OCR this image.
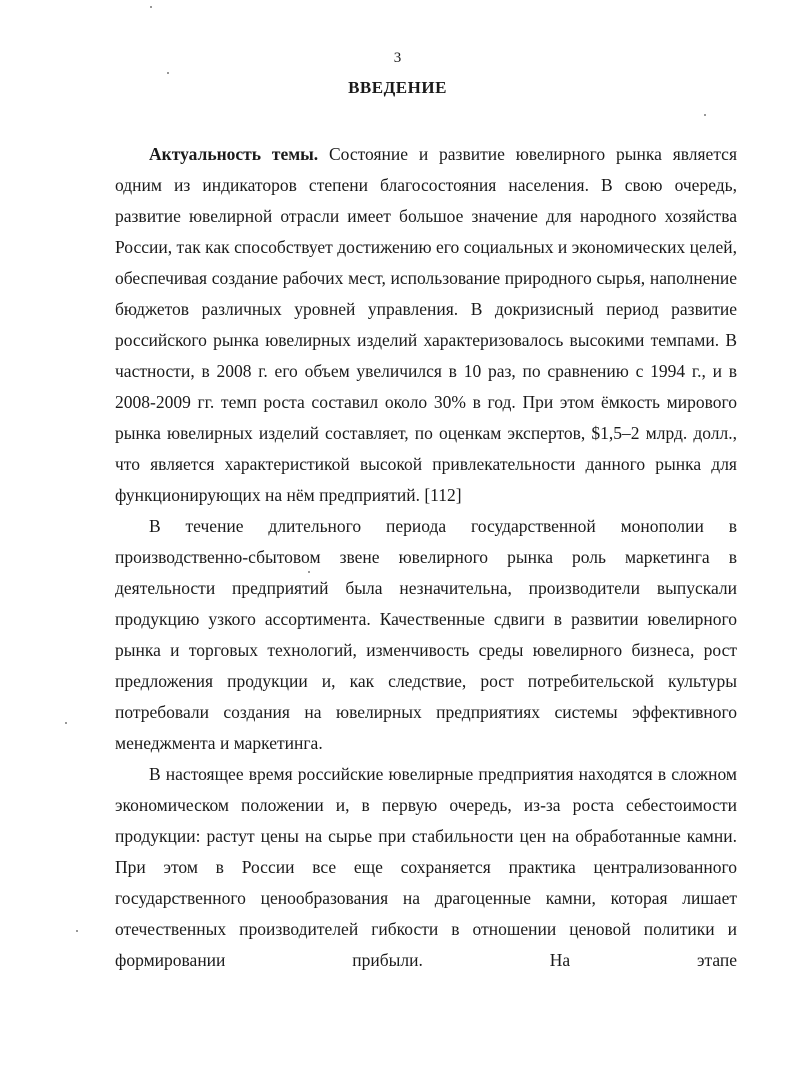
3
ВВЕДЕНИЕ

Актуальность темы. Состояние и развитие ювелирного рынка является одним из индикаторов степени благосостояния населения. В свою очередь, развитие ювелирной отрасли имеет большое значение для народного хозяйства России, так как способствует достижению его социальных и экономических целей, обеспечивая создание рабочих мест, использование природного сырья, наполнение бюджетов различных уровней управления. В докризисный период развитие российского рынка ювелирных изделий характеризовалось высокими темпами. В частности, в 2008 г. его объем увеличился в 10 раз, по сравнению с 1994 г., и в 2008-2009 гг. темп роста составил около 30% в год. При этом ёмкость мирового рынка ювелирных изделий составляет, по оценкам экспертов, $1,5–2 млрд. долл., что является характеристикой высокой привлекательности данного рынка для функционирующих на нём предприятий. [112]

В течение длительного периода государственной монополии в производственно-сбытовом звене ювелирного рынка роль маркетинга в деятельности предприятий была незначительна, производители выпускали продукцию узкого ассортимента. Качественные сдвиги в развитии ювелирного рынка и торговых технологий, изменчивость среды ювелирного бизнеса, рост предложения продукции и, как следствие, рост потребительской культуры потребовали создания на ювелирных предприятиях системы эффективного менеджмента и маркетинга.

В настоящее время российские ювелирные предприятия находятся в сложном экономическом положении и, в первую очередь, из-за роста себестоимости продукции: растут цены на сырье при стабильности цен на обработанные камни. При этом в России все еще сохраняется практика централизованного государственного ценообразования на драгоценные камни, которая лишает отечественных производителей гибкости в отношении ценовой политики и формировании прибыли. На этапе
